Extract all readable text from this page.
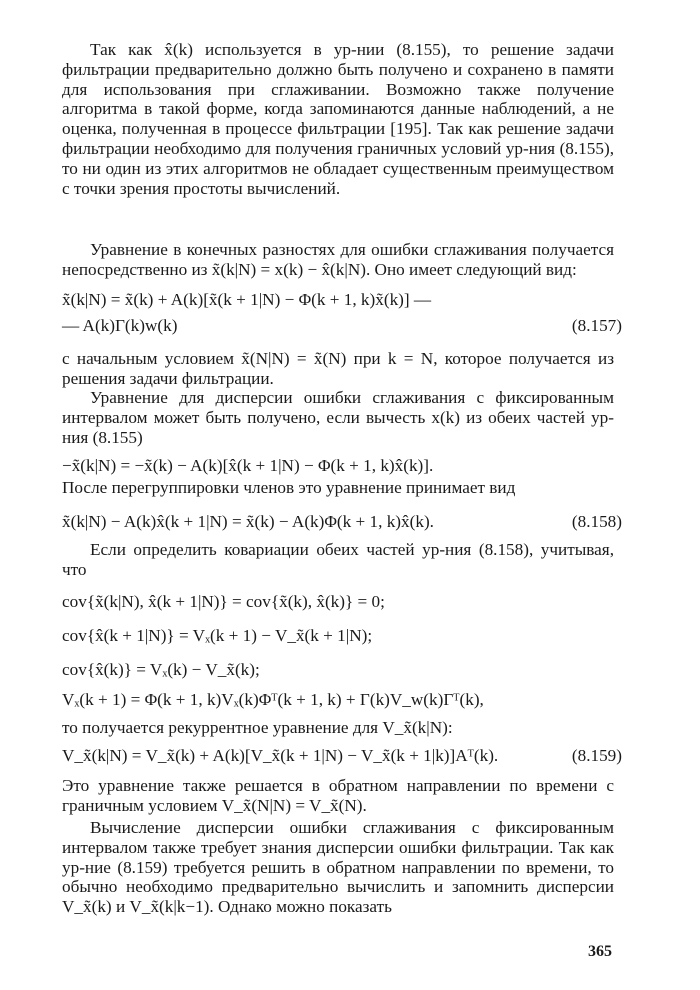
Так как x̂(k) используется в ур-нии (8.155), то решение задачи фильтрации предварительно должно быть получено и сохранено в памяти для использования при сглаживании. Возможно также получение алгоритма в такой форме, когда запоминаются данные наблюдений, а не оценка, полученная в процессе фильтрации [195]. Так как решение задачи фильтрации необходимо для получения граничных условий ур-ния (8.155), то ни один из этих алгоритмов не обладает существенным преимуществом с точки зрения простоты вычислений.

Уравнение в конечных разностях для ошибки сглаживания получается непосредственно из x̃(k|N) = x(k) − x̂(k|N). Оно имеет следующий вид:

x̃(k|N) = x̃(k) + A(k)[x̃(k + 1|N) − Φ(k + 1, k)x̃(k)] —
— A(k)Γ(k)w(k)	(8.157)

с начальным условием x̃(N|N) = x̃(N) при k = N, которое получается из решения задачи фильтрации.

Уравнение для дисперсии ошибки сглаживания с фиксированным интервалом может быть получено, если вычесть x(k) из обеих частей ур-ния (8.155)

−x̃(k|N) = −x̃(k) − A(k)[x̂(k + 1|N) − Φ(k + 1, k)x̂(k)].

После перегруппировки членов это уравнение принимает вид

x̃(k|N) − A(k)x̂(k + 1|N) = x̃(k) − A(k)Φ(k + 1, k)x̂(k).	(8.158)

Если определить ковариации обеих частей ур-ния (8.158), учитывая, что

cov{x̃(k|N), x̂(k + 1|N)} = cov{x̃(k), x̂(k)} = 0;
cov{x̂(k + 1|N)} = Vₓ(k + 1) − V_x̃(k + 1|N);
cov{x̂(k)} = Vₓ(k) − V_x̃(k);
Vₓ(k + 1) = Φ(k + 1, k)Vₓ(k)Φᵀ(k + 1, k) + Γ(k)V_w(k)Γᵀ(k),

то получается рекуррентное уравнение для V_x̃(k|N):

V_x̃(k|N) = V_x̃(k) + A(k)[V_x̃(k + 1|N) − V_x̃(k + 1|k)]Aᵀ(k).	(8.159)

Это уравнение также решается в обратном направлении по времени с граничным условием V_x̃(N|N) = V_x̃(N).

Вычисление дисперсии ошибки сглаживания с фиксированным интервалом также требует знания дисперсии ошибки фильтрации. Так как ур-ние (8.159) требуется решить в обратном направлении по времени, то обычно необходимо предварительно вычислить и запомнить дисперсии V_x̃(k) и V_x̃(k|k−1). Однако можно показать

365
